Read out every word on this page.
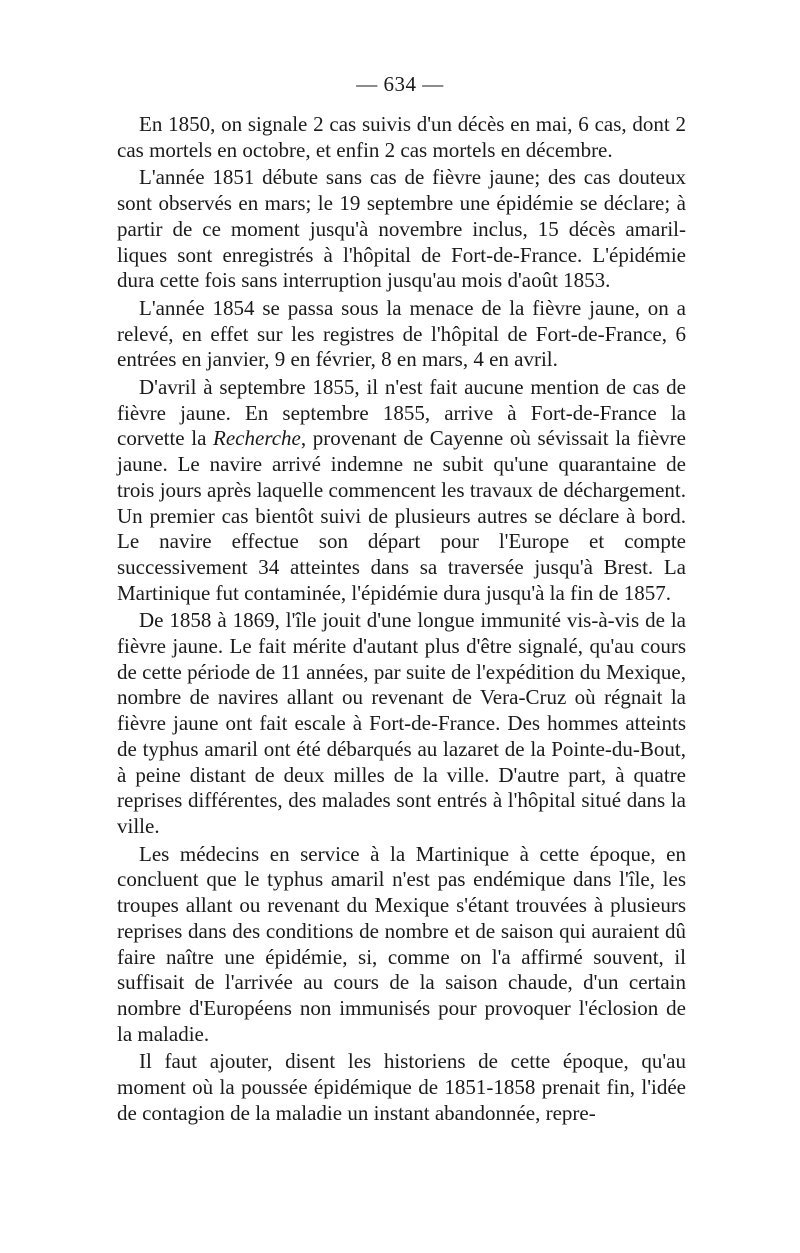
— 634 —

En 1850, on signale 2 cas suivis d'un décès en mai, 6 cas, dont 2 cas mortels en octobre, et enfin 2 cas mortels en décembre.

L'année 1851 débute sans cas de fièvre jaune; des cas douteux sont observés en mars; le 19 septembre une épidémie se déclare; à partir de ce moment jusqu'à novembre inclus, 15 décès amarilliques sont enregistrés à l'hôpital de Fort-de-France. L'épidémie dura cette fois sans interruption jusqu'au mois d'août 1853.

L'année 1854 se passa sous la menace de la fièvre jaune, on a relevé, en effet sur les registres de l'hôpital de Fort-de-France, 6 entrées en janvier, 9 en février, 8 en mars, 4 en avril.

D'avril à septembre 1855, il n'est fait aucune mention de cas de fièvre jaune. En septembre 1855, arrive à Fort-de-France la corvette la Recherche, provenant de Cayenne où sévissait la fièvre jaune. Le navire arrivé indemne ne subit qu'une quarantaine de trois jours après laquelle commencent les travaux de déchargement. Un premier cas bientôt suivi de plusieurs autres se déclare à bord. Le navire effectue son départ pour l'Europe et compte successivement 34 atteintes dans sa traversée jusqu'à Brest. La Martinique fut contaminée, l'épidémie dura jusqu'à la fin de 1857.

De 1858 à 1869, l'île jouit d'une longue immunité vis-à-vis de la fièvre jaune. Le fait mérite d'autant plus d'être signalé, qu'au cours de cette période de 11 années, par suite de l'expédition du Mexique, nombre de navires allant ou revenant de Vera-Cruz où régnait la fièvre jaune ont fait escale à Fort-de-France. Des hommes atteints de typhus amaril ont été débarqués au lazaret de la Pointe-du-Bout, à peine distant de deux milles de la ville. D'autre part, à quatre reprises différentes, des malades sont entrés à l'hôpital situé dans la ville.

Les médecins en service à la Martinique à cette époque, en concluent que le typhus amaril n'est pas endémique dans l'île, les troupes allant ou revenant du Mexique s'étant trouvées à plusieurs reprises dans des conditions de nombre et de saison qui auraient dû faire naître une épidémie, si, comme on l'a affirmé souvent, il suffisait de l'arrivée au cours de la saison chaude, d'un certain nombre d'Européens non immunisés pour provoquer l'éclosion de la maladie.

Il faut ajouter, disent les historiens de cette époque, qu'au moment où la poussée épidémique de 1851-1858 prenait fin, l'idée de contagion de la maladie un instant abandonnée, repre-
